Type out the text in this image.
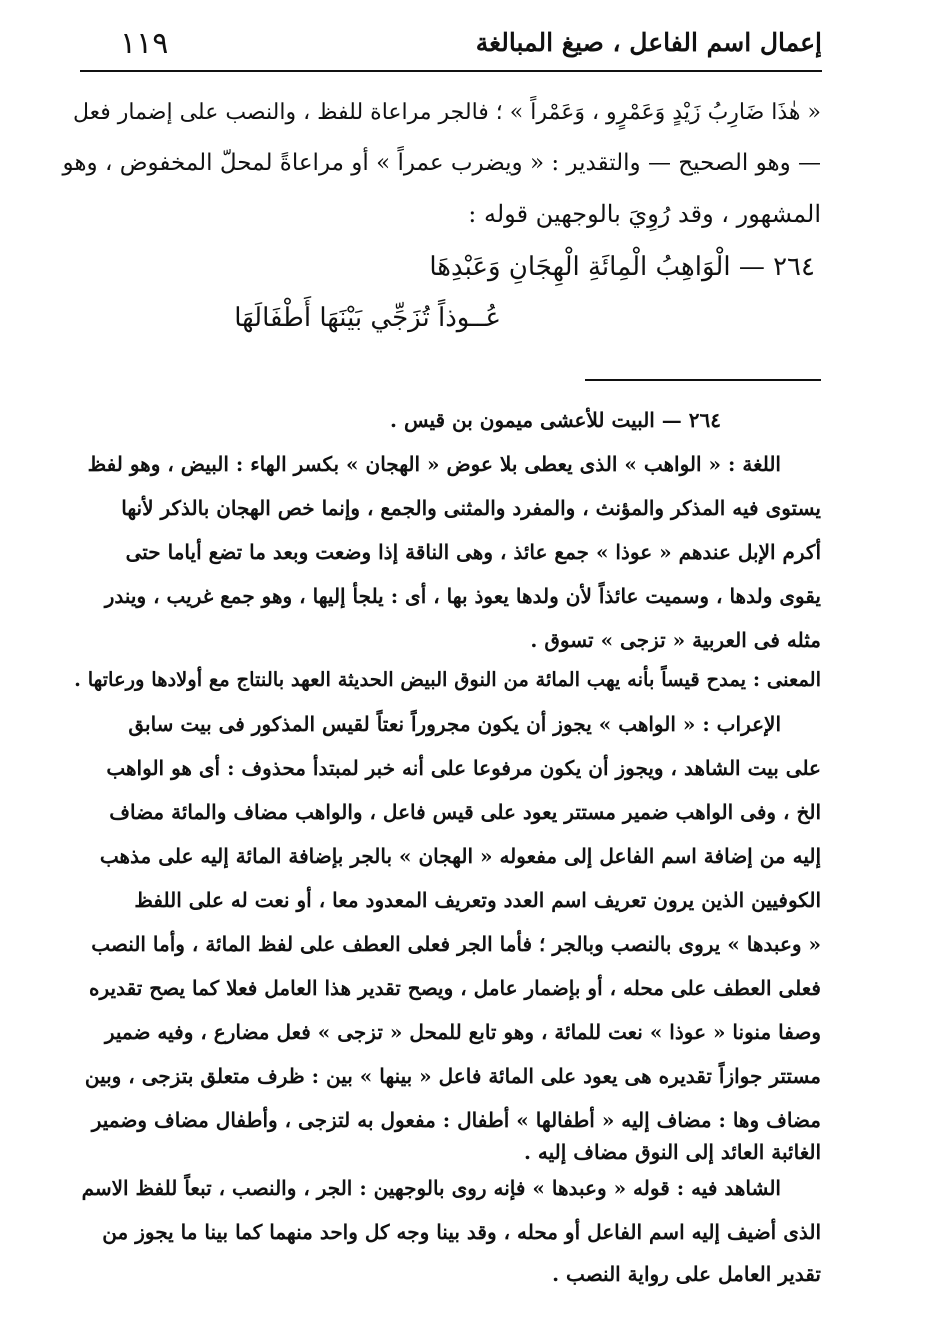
١١٩	إعمال اسم الفاعل ، صيغ المبالغة
« هٰذَا ضَارِبُ زَيْدٍ وَعَمْرٍو ، وَعَمْراً » ؛ فالجر مراعاة للفظ ، والنصب على إضمار فعل
— وهو الصحيح — والتقدير : « ويضرب عمراً » أو مراعاةً لمحلّ المخفوض ، وهو
المشهور ، وقد رُوِيَ بالوجهين قوله :
٢٦٤ — الْوَاهِبُ الْمِائَةِ الْهِجَانِ وَعَبْدِهَا
عُــوذاً تُزَجِّي بَيْنَهَا أَطْفَالَهَا
٢٦٤ — البيت للأعشى ميمون بن قيس .
اللغة : « الواهب » الذى يعطى بلا عوض « الهجان » بكسر الهاء : البيض ، وهو لفظ
يستوى فيه المذكر والمؤنث ، والمفرد والمثنى والجمع ، وإنما خص الهجان بالذكر لأنها
أكرم الإبل عندهم « عوذا » جمع عائذ ، وهى الناقة إذا وضعت وبعد ما تضع أياما حتى
يقوى ولدها ، وسميت عائذاً لأن ولدها يعوذ بها ، أى : يلجأ إليها ، وهو جمع غريب ، ويندر
مثله فى العربية « تزجى » تسوق .
المعنى : يمدح قيساً بأنه يهب المائة من النوق البيض الحديثة العهد بالنتاج مع أولادها ورعاتها .
الإعراب : « الواهب » يجوز أن يكون مجروراً نعتاً لقيس المذكور فى بيت سابق
على بيت الشاهد ، ويجوز أن يكون مرفوعا على أنه خبر لمبتدأ محذوف : أى هو الواهب
الخ ، وفى الواهب ضمير مستتر يعود على قيس فاعل ، والواهب مضاف والمائة مضاف
إليه من إضافة اسم الفاعل إلى مفعوله « الهجان » بالجر بإضافة المائة إليه على مذهب
الكوفيين الذين يرون تعريف اسم العدد وتعريف المعدود معا ، أو نعت له على اللفظ
« وعبدها » يروى بالنصب وبالجر ؛ فأما الجر فعلى العطف على لفظ المائة ، وأما النصب
فعلى العطف على محله ، أو بإضمار عامل ، ويصح تقدير هذا العامل فعلا كما يصح تقديره
وصفا منونا « عوذا » نعت للمائة ، وهو تابع للمحل « تزجى » فعل مضارع ، وفيه ضمير
مستتر جوازاً تقديره هى يعود على المائة فاعل « بينها » بين : ظرف متعلق بتزجى ، وبين
مضاف وها : مضاف إليه « أطفالها » أطفال : مفعول به لتزجى ، وأطفال مضاف وضمير
الغائبة العائد إلى النوق مضاف إليه .
الشاهد فيه : قوله « وعبدها » فإنه روى بالوجهين : الجر ، والنصب ، تبعاً للفظ الاسم
الذى أضيف إليه اسم الفاعل أو محله ، وقد بينا وجه كل واحد منهما كما بينا ما يجوز من
تقدير العامل على رواية النصب .
